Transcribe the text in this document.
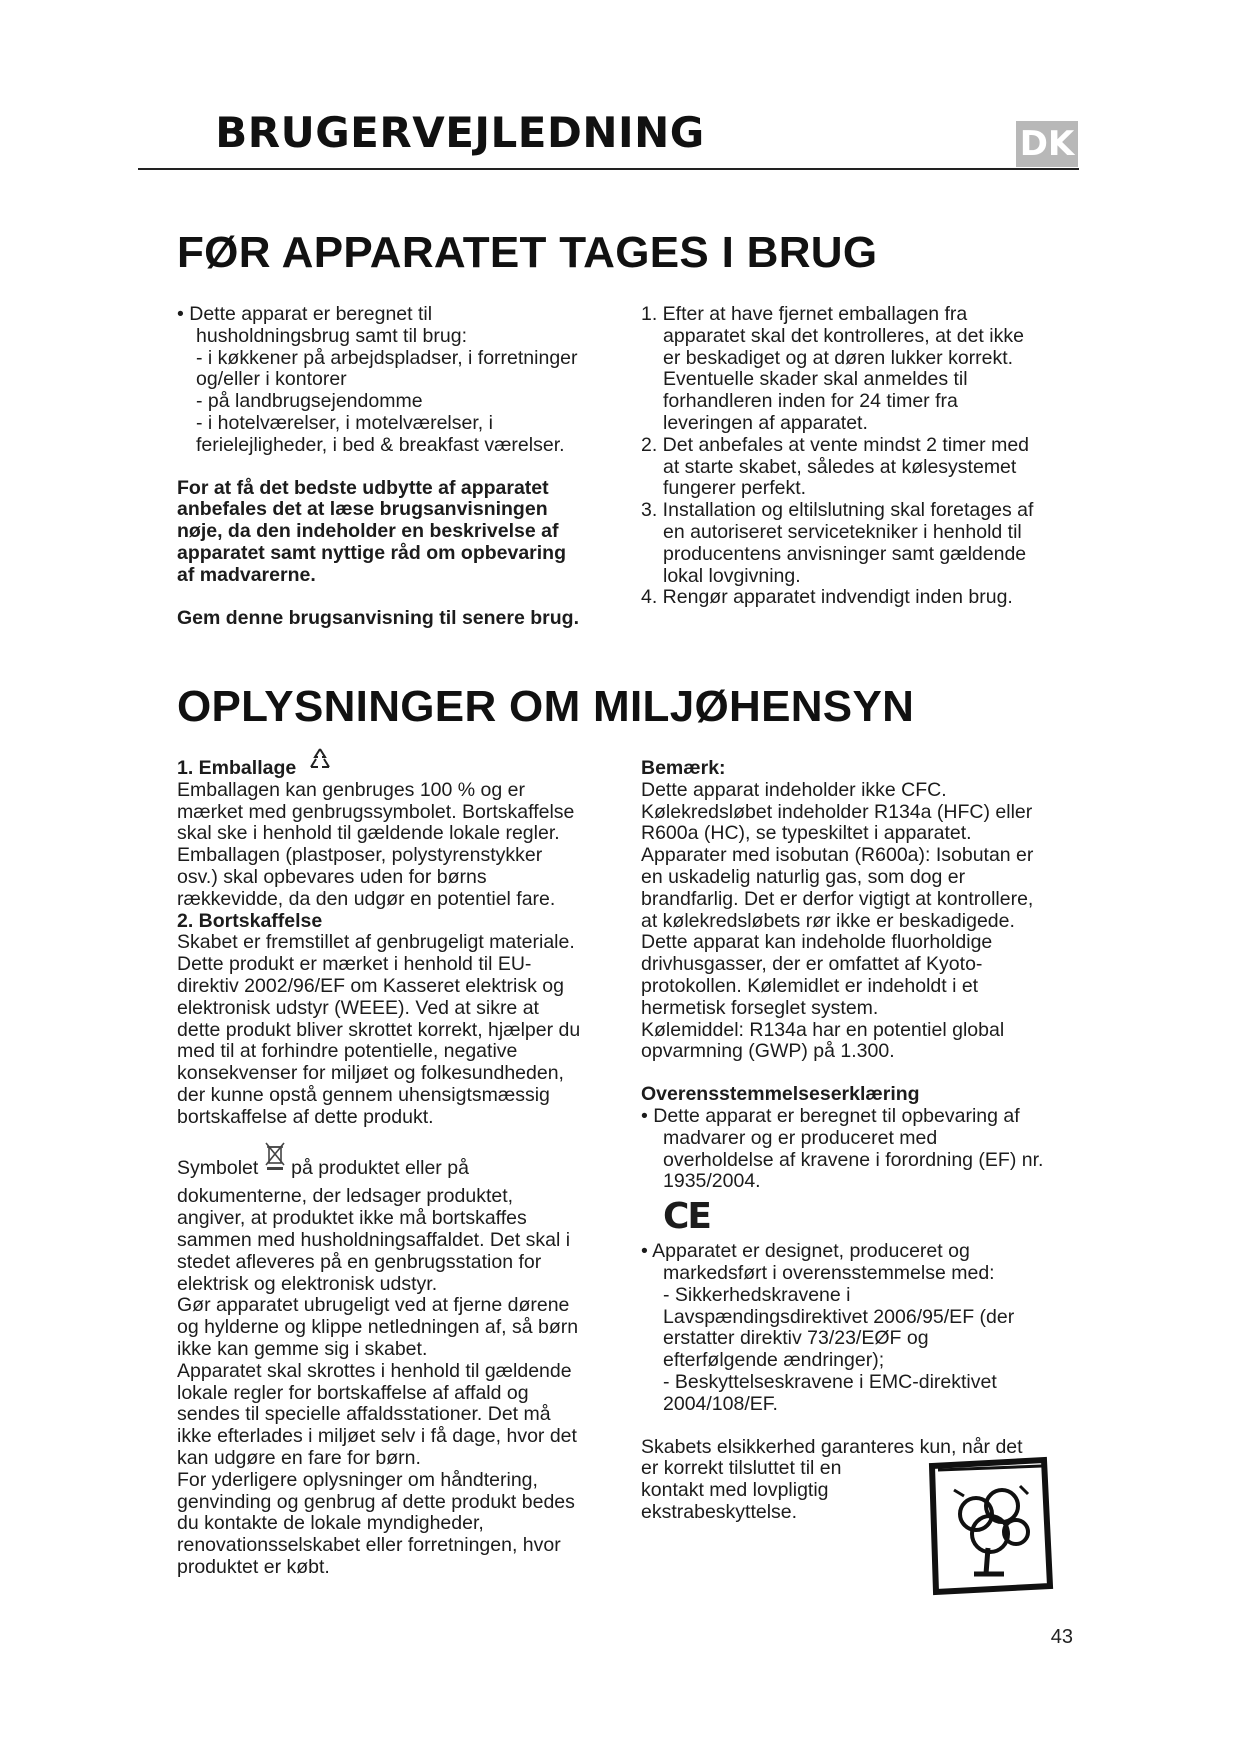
BRUGERVEJLEDNING	DK
FØR APPARATET TAGES I BRUG

• Dette apparat er beregnet til

husholdningsbrug samt til brug:

- i køkkener på arbejdspladser, i forretninger

og/eller i kontorer

- på landbrugsejendomme

- i hotelværelser, i motelværelser, i

ferielejligheder, i bed & breakfast værelser.

For at få det bedste udbytte af apparatet

anbefales det at læse brugsanvisningen

nøje, da den indeholder en beskrivelse af

apparatet samt nyttige råd om opbevaring

af madvarerne.

Gem denne brugsanvisning til senere brug.

1. Efter at have fjernet emballagen fra

apparatet skal det kontrolleres, at det ikke

er beskadiget og at døren lukker korrekt.

Eventuelle skader skal anmeldes til

forhandleren inden for 24 timer fra

leveringen af apparatet.

2. Det anbefales at vente mindst 2 timer med

at starte skabet, således at kølesystemet

fungerer perfekt.

3. Installation og eltilslutning skal foretages af

en autoriseret servicetekniker i henhold til

producentens anvisninger samt gældende

lokal lovgivning.

4. Rengør apparatet indvendigt inden brug.

OPLYSNINGER OM MILJØHENSYN

1. Emballage

Emballagen kan genbruges 100 % og er

mærket med genbrugssymbolet. Bortskaffelse

skal ske i henhold til gældende lokale regler.

Emballagen (plastposer, polystyrenstykker

osv.) skal opbevares uden for børns

rækkevidde, da den udgør en potentiel fare.

2. Bortskaffelse

Skabet er fremstillet af genbrugeligt materiale.

Dette produkt er mærket i henhold til EU-

direktiv 2002/96/EF om Kasseret elektrisk og

elektronisk udstyr (WEEE). Ved at sikre at

dette produkt bliver skrottet korrekt, hjælper du

med til at forhindre potentielle, negative

konsekvenser for miljøet og folkesundheden,

der kunne opstå gennem uhensigtsmæssig

bortskaffelse af dette produkt.

Symbolet  på produktet eller på

dokumenterne, der ledsager produktet,

angiver, at produktet ikke må bortskaffes

sammen med husholdningsaffaldet. Det skal i

stedet afleveres på en genbrugsstation for

elektrisk og elektronisk udstyr.

Gør apparatet ubrugeligt ved at fjerne dørene

og hylderne og klippe netledningen af, så børn

ikke kan gemme sig i skabet.

Apparatet skal skrottes i henhold til gældende

lokale regler for bortskaffelse af affald og

sendes til specielle affaldsstationer. Det må

ikke efterlades i miljøet selv i få dage, hvor det

kan udgøre en fare for børn.

For yderligere oplysninger om håndtering,

genvinding og genbrug af dette produkt bedes

du kontakte de lokale myndigheder,

renovationsselskabet eller forretningen, hvor

produktet er købt.

Bemærk:

Dette apparat indeholder ikke CFC.

Kølekredsløbet indeholder R134a (HFC) eller

R600a (HC), se typeskiltet i apparatet.

Apparater med isobutan (R600a): Isobutan er

en uskadelig naturlig gas, som dog er

brandfarlig. Det er derfor vigtigt at kontrollere,

at kølekredsløbets rør ikke er beskadigede.

Dette apparat kan indeholde fluorholdige

drivhusgasser, der er omfattet af Kyoto-

protokollen. Kølemidlet er indeholdt i et

hermetisk forseglet system.

Kølemiddel: R134a har en potentiel global

opvarmning (GWP) på 1.300.

Overensstemmelseserklæring

• Dette apparat er beregnet til opbevaring af

madvarer og er produceret med

overholdelse af kravene i forordning (EF) nr.

1935/2004.

CE

• Apparatet er designet, produceret og

markedsført i overensstemmelse med:

- Sikkerhedskravene i

Lavspændingsdirektivet 2006/95/EF (der

erstatter direktiv 73/23/EØF og

efterfølgende ændringer);

- Beskyttelseskravene i EMC-direktivet

2004/108/EF.

Skabets elsikkerhed garanteres kun, når det

er korrekt tilsluttet til en

kontakt med lovpligtig

ekstrabeskyttelse.

43
